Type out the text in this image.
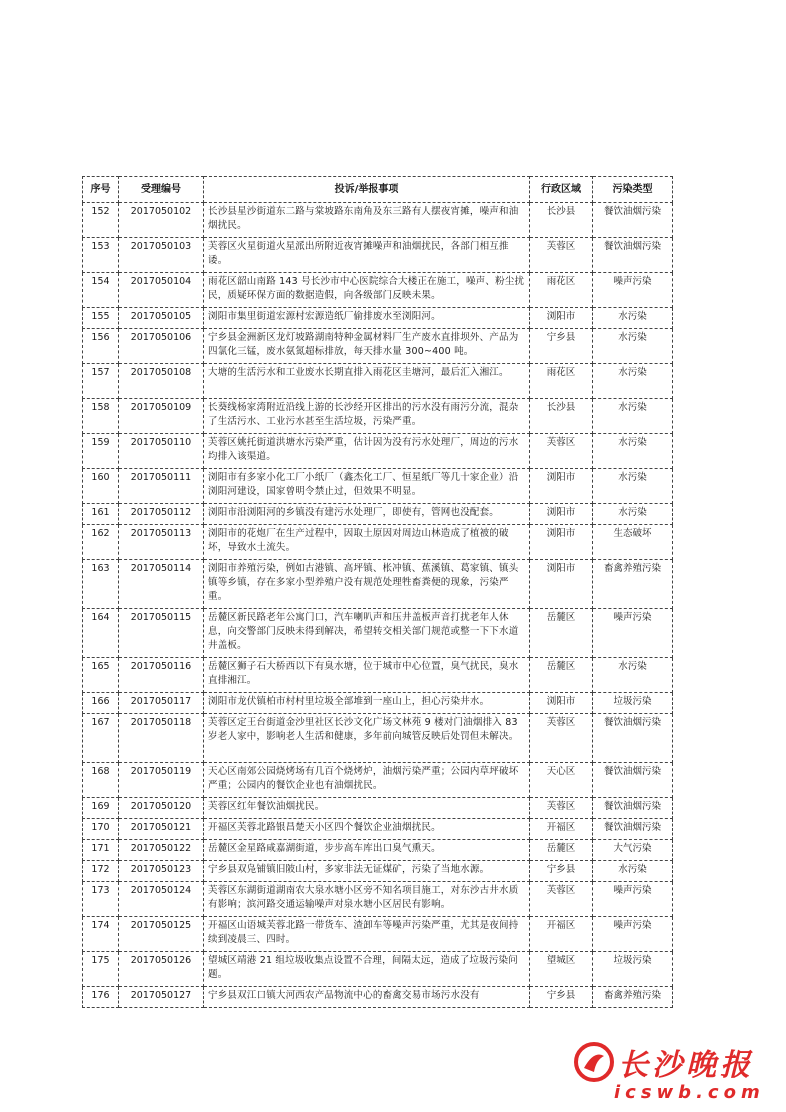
序号	受理编号	投诉/举报事项	行政区域	污染类型
152	2017050102	长沙县星沙街道东二路与棠坡路东南角及东三路有人摆夜宵摊，噪声和油烟扰民。	长沙县	餐饮油烟污染
153	2017050103	芙蓉区火星街道火星派出所附近夜宵摊噪声和油烟扰民，各部门相互推诿。	芙蓉区	餐饮油烟污染
154	2017050104	雨花区韶山南路 143 号长沙市中心医院综合大楼正在施工，噪声、粉尘扰民，质疑环保方面的数据造假，向各级部门反映未果。	雨花区	噪声污染
155	2017050105	浏阳市集里街道宏源村宏源造纸厂偷排废水至浏阳河。	浏阳市	水污染
156	2017050106	宁乡县金洲新区龙灯坡路湖南特种金属材料厂生产废水直排坝外、产品为四氯化三锰，废水氨氮超标排放，每天排水量 300~400 吨。	宁乡县	水污染
157	2017050108	大塘的生活污水和工业废水长期直排入雨花区圭塘河，最后汇入湘江。	雨花区	水污染
158	2017050109	长葵线杨家湾附近沿线上游的长沙经开区排出的污水没有雨污分流，混杂了生活污水、工业污水甚至生活垃圾，污染严重。	长沙县	水污染
159	2017050110	芙蓉区姚托街道洪塘水污染严重，估计因为没有污水处理厂，周边的污水均排入该渠道。	芙蓉区	水污染
160	2017050111	浏阳市有多家小化工厂小纸厂（鑫杰化工厂、恒星纸厂等几十家企业）沿浏阳河建设，国家曾明令禁止过，但效果不明显。	浏阳市	水污染
161	2017050112	浏阳市沿浏阳河的乡镇没有建污水处理厂，即使有，管网也没配套。	浏阳市	水污染
162	2017050113	浏阳市的花炮厂在生产过程中，因取土原因对周边山林造成了植被的破坏，导致水土流失。	浏阳市	生态破坏
163	2017050114	浏阳市养殖污染，例如古港镇、高坪镇、枨冲镇、蕉溪镇、葛家镇、镇头镇等乡镇，存在多家小型养殖户没有规范处理牲畜粪便的现象，污染严重。	浏阳市	畜禽养殖污染
164	2017050115	岳麓区新民路老年公寓门口，汽车喇叭声和压井盖板声音打扰老年人休息，向交警部门反映未得到解决，希望转交相关部门规范或整一下下水道井盖板。	岳麓区	噪声污染
165	2017050116	岳麓区狮子石大桥西以下有臭水塘，位于城市中心位置，臭气扰民，臭水直排湘江。	岳麓区	水污染
166	2017050117	浏阳市龙伏镇柏市村村里垃圾全部堆到一座山上，担心污染井水。	浏阳市	垃圾污染
167	2017050118	芙蓉区定王台街道金沙里社区长沙文化广场文林苑 9 楼对门油烟排入 83 岁老人家中，影响老人生活和健康，多年前向城管反映后处罚但未解决。	芙蓉区	餐饮油烟污染
168	2017050119	天心区南郊公园烧烤场有几百个烧烤炉，油烟污染严重；公园内草坪破坏严重；公园内的餐饮企业也有油烟扰民。	天心区	餐饮油烟污染
169	2017050120	芙蓉区红年餐饮油烟扰民。	芙蓉区	餐饮油烟污染
170	2017050121	开福区芙蓉北路银昌楚天小区四个餐饮企业油烟扰民。	开福区	餐饮油烟污染
171	2017050122	岳麓区金星路咸嘉湖街道，步步高车库出口臭气熏天。	岳麓区	大气污染
172	2017050123	宁乡县双凫铺镇旧陂山村，多家非法无证煤矿，污染了当地水源。	宁乡县	水污染
173	2017050124	芙蓉区东湖街道湖南农大泉水塘小区旁不知名项目施工，对东沙古井水质有影响；滨河路交通运输噪声对泉水塘小区居民有影响。	芙蓉区	噪声污染
174	2017050125	开福区山语城芙蓉北路一带货车、渣卸车等噪声污染严重，尤其是夜间持续到凌晨三、四时。	开福区	噪声污染
175	2017050126	望城区靖港 21 组垃圾收集点设置不合理，间隔太远，造成了垃圾污染问题。	望城区	垃圾污染
176	2017050127	宁乡县双江口镇大河西农产品物流中心的畜禽交易市场污水没有	宁乡县	畜禽养殖污染
长沙晚报
icswb.com
